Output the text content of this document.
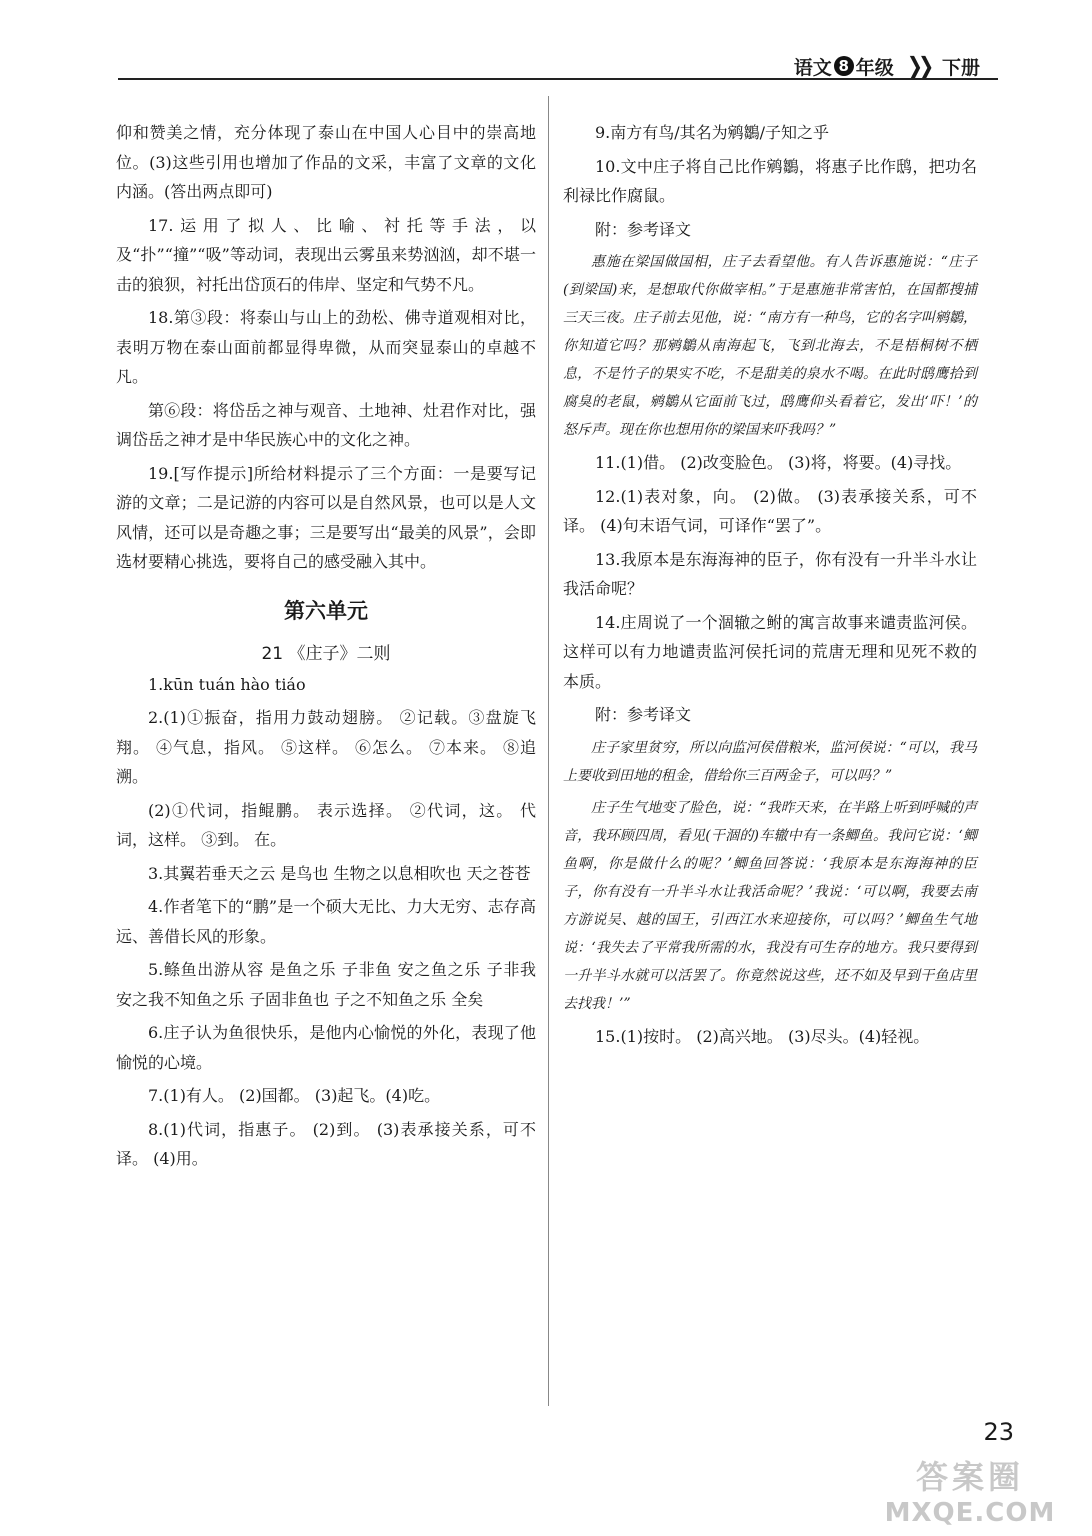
语文 8 年级 ❯❯ 下册

仰和赞美之情，充分体现了泰山在中国人心目中的崇高地位。(3)这些引用也增加了作品的文采，丰富了文章的文化内涵。(答出两点即可)

17.运用了拟人、比喻、衬托等手法，以及“扑”“撞”“吸”等动词，表现出云雾虽来势汹汹，却不堪一击的狼狈，衬托出岱顶石的伟岸、坚定和气势不凡。

18.第③段：将泰山与山上的劲松、佛寺道观相对比，表明万物在泰山面前都显得卑微，从而突显泰山的卓越不凡。

第⑥段：将岱岳之神与观音、土地神、灶君作对比，强调岱岳之神才是中华民族心中的文化之神。

19.[写作提示]所给材料提示了三个方面：一是要写记游的文章；二是记游的内容可以是自然风景，也可以是人文风情，还可以是奇趣之事；三是要写出“最美的风景”，会即选材要精心挑选，要将自己的感受融入其中。

第六单元
21 《庄子》二则

1.kūn tuán hào tiáo

2.(1)①振奋，指用力鼓动翅膀。 ②记载。③盘旋飞翔。 ④气息，指风。 ⑤这样。 ⑥怎么。 ⑦本来。 ⑧追溯。

(2)①代词，指鲲鹏。 表示选择。 ②代词，这。 代词，这样。 ③到。 在。

3.其翼若垂天之云 是鸟也 生物之以息相吹也 天之苍苍

4.作者笔下的“鹏”是一个硕大无比、力大无穷、志存高远、善借长风的形象。

5.鲦鱼出游从容 是鱼之乐 子非鱼 安之鱼之乐 子非我 安之我不知鱼之乐 子固非鱼也 子之不知鱼之乐 全矣

6.庄子认为鱼很快乐，是他内心愉悦的外化，表现了他愉悦的心境。

7.(1)有人。 (2)国都。 (3)起飞。(4)吃。

8.(1)代词，指惠子。 (2)到。 (3)表承接关系，可不译。 (4)用。

9.南方有鸟/其名为鹓鶵/子知之乎

10.文中庄子将自己比作鹓鶵，将惠子比作鸱，把功名利禄比作腐鼠。

附：参考译文

惠施在梁国做国相，庄子去看望他。有人告诉惠施说：“庄子(到梁国)来，是想取代你做宰相。”于是惠施非常害怕，在国都搜捕三天三夜。庄子前去见他，说：“南方有一种鸟，它的名字叫鹓鶵，你知道它吗？那鹓鶵从南海起飞，飞到北海去，不是梧桐树不栖息，不是竹子的果实不吃，不是甜美的泉水不喝。在此时鸱鹰拾到腐臭的老鼠，鹓鶵从它面前飞过，鸱鹰仰头看着它，发出‘吓！’的怒斥声。现在你也想用你的梁国来吓我吗？”

11.(1)借。 (2)改变脸色。 (3)将，将要。(4)寻找。

12.(1)表对象，向。 (2)做。 (3)表承接关系，可不译。 (4)句末语气词，可译作“罢了”。

13.我原本是东海海神的臣子，你有没有一升半斗水让我活命呢？

14.庄周说了一个涸辙之鲋的寓言故事来谴责监河侯。这样可以有力地谴责监河侯托词的荒唐无理和见死不救的本质。

附：参考译文

庄子家里贫穷，所以向监河侯借粮米，监河侯说：“可以，我马上要收到田地的租金，借给你三百两金子，可以吗？”

庄子生气地变了脸色，说：“我昨天来，在半路上听到呼喊的声音，我环顾四周，看见(干涸的)车辙中有一条鲫鱼。我问它说：‘鲫鱼啊，你是做什么的呢？’鲫鱼回答说：‘我原本是东海海神的臣子，你有没有一升半斗水让我活命呢？’我说：‘可以啊，我要去南方游说吴、越的国王，引西江水来迎接你，可以吗？’鲫鱼生气地说：‘我失去了平常我所需的水，我没有可生存的地方。我只要得到一升半斗水就可以活罢了。你竟然说这些，还不如及早到干鱼店里去找我！’”

15.(1)按时。 (2)高兴地。 (3)尽头。(4)轻视。

23
答案圈
MXQE.COM
